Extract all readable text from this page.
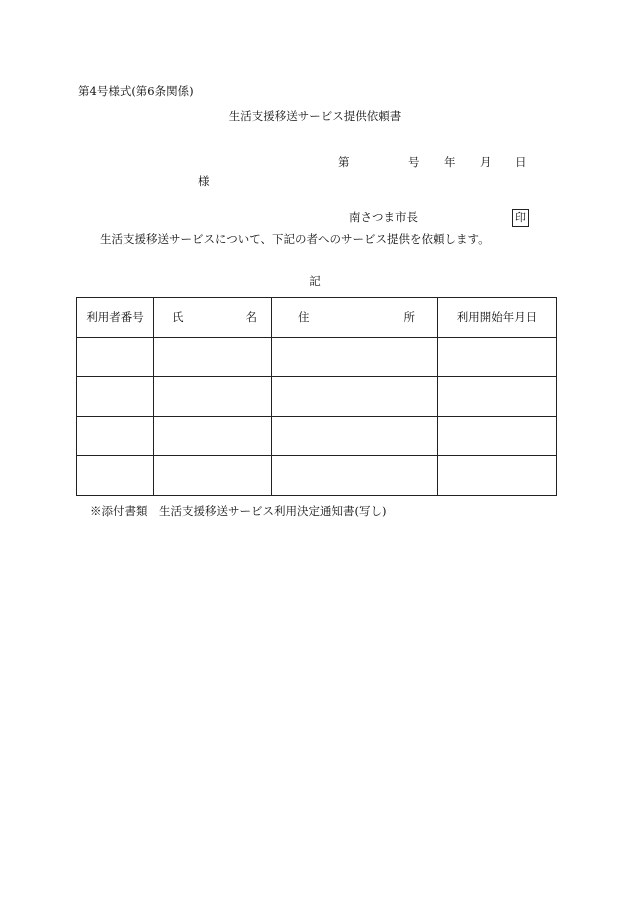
第4号様式(第6条関係)
生活支援移送サービス提供依頼書
第	号 年 月 日
様
南さつま市長	印
生活支援移送サービスについて、下記の者へのサービス提供を依頼します。
記
利用者番号	氏 名	住 所	利用開始年月日

※添付書類　生活支援移送サービス利用決定通知書(写し)
